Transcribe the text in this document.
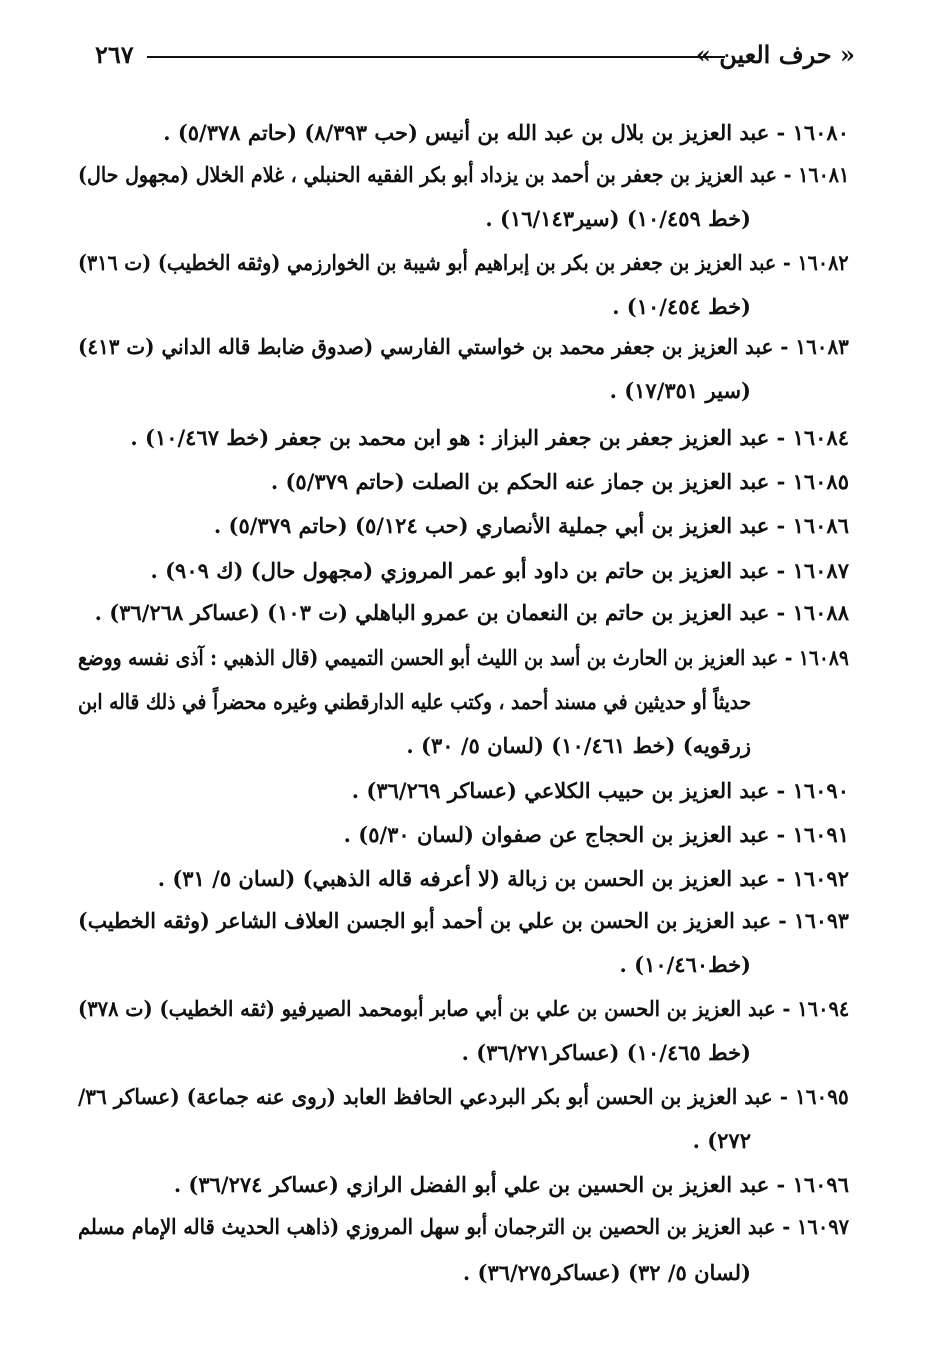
« حرف العين »
٢٦٧
١٦٠٨٠ - عبد العزيز بن بلال بن عبد الله بن أنيس (حب ٨/٣٩٣) (حاتم ٥/٣٧٨) .
١٦٠٨١ - عبد العزيز بن جعفر بن أحمد بن يزداد أبو بكر الفقيه الحنبلي ، غلام الخلال (مجهول حال)
(خط ١٠/٤٥٩) (سير١٦/١٤٣) .
١٦٠٨٢ - عبد العزيز بن جعفر بن بكر بن إبراهيم أبو شيبة بن الخوارزمي (وثقه الخطيب) (ت ٣١٦)
(خط ١٠/٤٥٤) .
١٦٠٨٣ - عبد العزيز بن جعفر محمد بن خواستي الفارسي (صدوق ضابط قاله الداني (ت ٤١٣)
(سير ١٧/٣٥١) .
١٦٠٨٤ - عبد العزيز جعفر بن جعفر البزاز : هو ابن محمد بن جعفر (خط ١٠/٤٦٧) .
١٦٠٨٥ - عبد العزيز بن جماز عنه الحكم بن الصلت (حاتم ٥/٣٧٩) .
١٦٠٨٦ - عبد العزيز بن أبي جملية الأنصاري (حب ٥/١٢٤) (حاتم ٥/٣٧٩) .
١٦٠٨٧ - عبد العزيز بن حاتم بن داود أبو عمر المروزي (مجهول حال) (ك ٩٠٩) .
١٦٠٨٨ - عبد العزيز بن حاتم بن النعمان بن عمرو الباهلي (ت ١٠٣) (عساكر ٣٦/٢٦٨) .
١٦٠٨٩ - عبد العزيز بن الحارث بن أسد بن الليث أبو الحسن التميمي (قال الذهبي : آذى نفسه ووضع
حديثاً أو حديثين في مسند أحمد ، وكتب عليه الدارقطني وغيره محضراً في ذلك قاله ابن
زرقويه) (خط ١٠/٤٦١) (لسان ٥/ ٣٠) .
١٦٠٩٠ - عبد العزيز بن حبيب الكلاعي (عساكر ٣٦/٢٦٩) .
١٦٠٩١ - عبد العزيز بن الحجاج عن صفوان (لسان ٥/٣٠) .
١٦٠٩٢ - عبد العزيز بن الحسن بن زبالة (لا أعرفه قاله الذهبي) (لسان ٥/ ٣١) .
١٦٠٩٣ - عبد العزيز بن الحسن بن علي بن أحمد أبو الجسن العلاف الشاعر (وثقه الخطيب)
(خط١٠/٤٦٠) .
١٦٠٩٤ - عبد العزيز بن الحسن بن علي بن أبي صابر أبومحمد الصيرفيو (ثقه الخطيب) (ت ٣٧٨)
(خط ١٠/٤٦٥) (عساكر٣٦/٢٧١) .
١٦٠٩٥ - عبد العزيز بن الحسن أبو بكر البردعي الحافظ العابد (روى عنه جماعة) (عساكر ٣٦/
٢٧٢) .
١٦٠٩٦ - عبد العزيز بن الحسين بن علي أبو الفضل الرازي (عساكر ٣٦/٢٧٤) .
١٦٠٩٧ - عبد العزيز بن الحصين بن الترجمان أبو سهل المروزي (ذاهب الحديث قاله الإمام مسلم
(لسان ٥/ ٣٢) (عساكر٣٦/٢٧٥) .
